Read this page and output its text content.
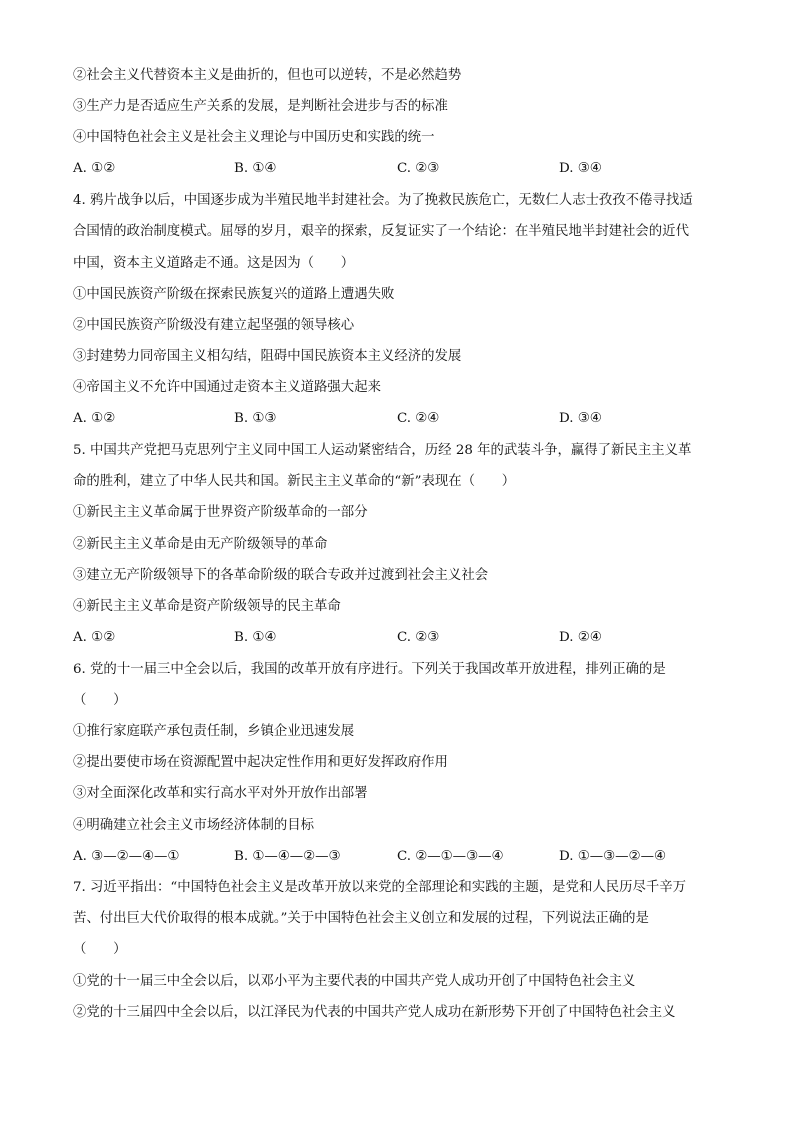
②社会主义代替资本主义是曲折的，但也可以逆转，不是必然趋势
③生产力是否适应生产关系的发展，是判断社会进步与否的标准
④中国特色社会主义是社会主义理论与中国历史和实践的统一
A. ①②	B. ①④	C. ②③	D. ③④
4. 鸦片战争以后，中国逐步成为半殖民地半封建社会。为了挽救民族危亡，无数仁人志士孜孜不倦寻找适
合国情的政治制度模式。屈辱的岁月，艰辛的探索，反复证实了一个结论：在半殖民地半封建社会的近代
中国，资本主义道路走不通。这是因为（　　）
①中国民族资产阶级在探索民族复兴的道路上遭遇失败
②中国民族资产阶级没有建立起坚强的领导核心
③封建势力同帝国主义相勾结，阻碍中国民族资本主义经济的发展
④帝国主义不允许中国通过走资本主义道路强大起来
A. ①②	B. ①③	C. ②④	D. ③④
5. 中国共产党把马克思列宁主义同中国工人运动紧密结合，历经 28 年的武装斗争，赢得了新民主主义革
命的胜利，建立了中华人民共和国。新民主主义革命的“新”表现在（　　）
①新民主主义革命属于世界资产阶级革命的一部分
②新民主主义革命是由无产阶级领导的革命
③建立无产阶级领导下的各革命阶级的联合专政并过渡到社会主义社会
④新民主主义革命是资产阶级领导的民主革命
A. ①②	B. ①④	C. ②③	D. ②④
6. 党的十一届三中全会以后，我国的改革开放有序进行。下列关于我国改革开放进程，排列正确的是
（　　）
①推行家庭联产承包责任制，乡镇企业迅速发展
②提出要使市场在资源配置中起决定性作用和更好发挥政府作用
③对全面深化改革和实行高水平对外开放作出部署
④明确建立社会主义市场经济体制的目标
A. ③—②—④—①	B. ①—④—②—③	C. ②—①—③—④	D. ①—③—②—④
7. 习近平指出：“中国特色社会主义是改革开放以来党的全部理论和实践的主题，是党和人民历尽千辛万
苦、付出巨大代价取得的根本成就。”关于中国特色社会主义创立和发展的过程，下列说法正确的是
（　　）
①党的十一届三中全会以后，以邓小平为主要代表的中国共产党人成功开创了中国特色社会主义
②党的十三届四中全会以后，以江泽民为代表的中国共产党人成功在新形势下开创了中国特色社会主义
